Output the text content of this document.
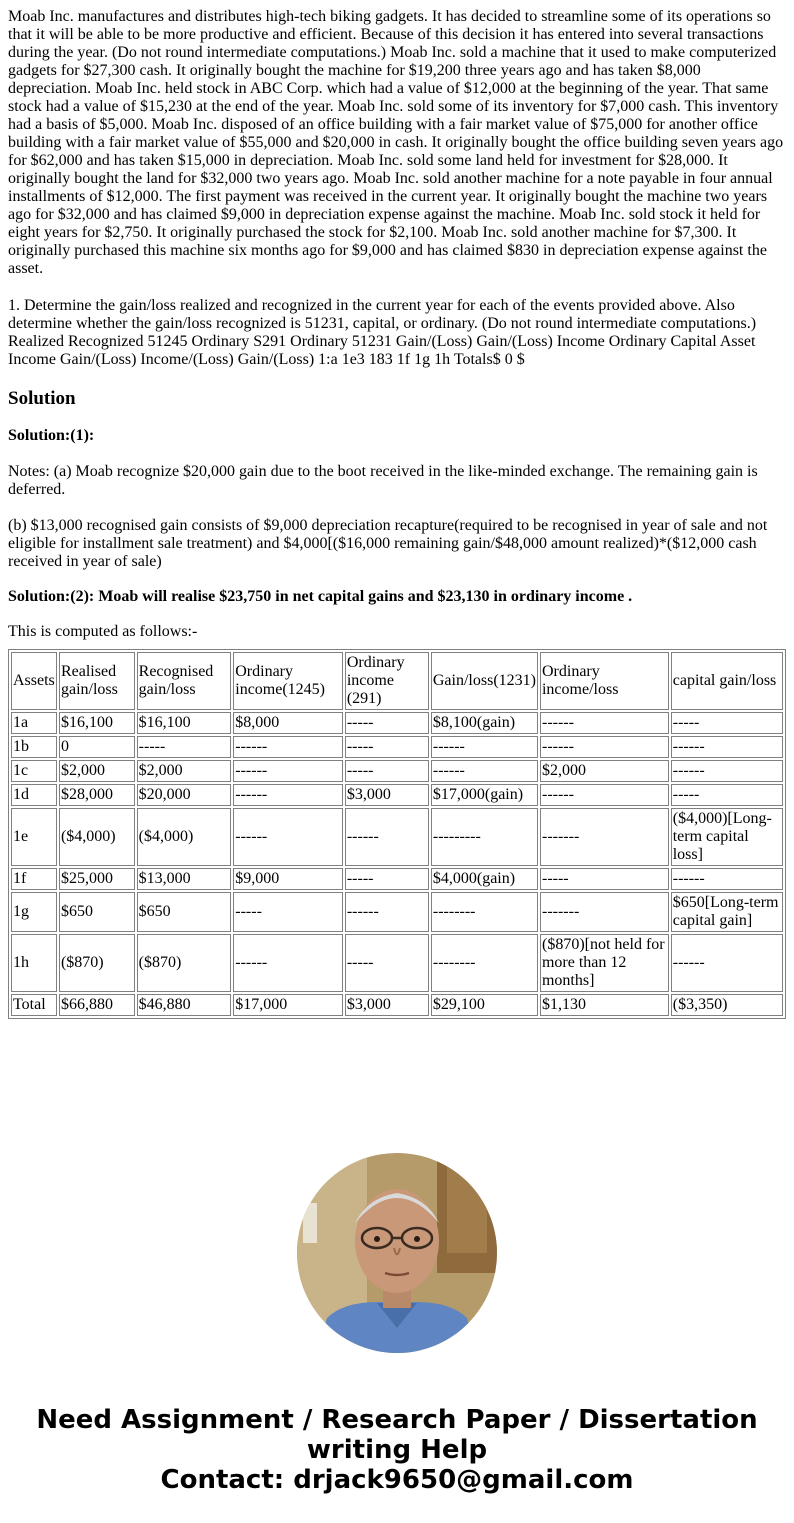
Moab Inc. manufactures and distributes high-tech biking gadgets. It has decided to streamline some of its operations so that it will be able to be more productive and efficient. Because of this decision it has entered into several transactions during the year. (Do not round intermediate computations.) Moab Inc. sold a machine that it used to make computerized gadgets for $27,300 cash. It originally bought the machine for $19,200 three years ago and has taken $8,000 depreciation. Moab Inc. held stock in ABC Corp. which had a value of $12,000 at the beginning of the year. That same stock had a value of $15,230 at the end of the year. Moab Inc. sold some of its inventory for $7,000 cash. This inventory had a basis of $5,000. Moab Inc. disposed of an office building with a fair market value of $75,000 for another office building with a fair market value of $55,000 and $20,000 in cash. It originally bought the office building seven years ago for $62,000 and has taken $15,000 in depreciation. Moab Inc. sold some land held for investment for $28,000. It originally bought the land for $32,000 two years ago. Moab Inc. sold another machine for a note payable in four annual installments of $12,000. The first payment was received in the current year. It originally bought the machine two years ago for $32,000 and has claimed $9,000 in depreciation expense against the machine. Moab Inc. sold stock it held for eight years for $2,750. It originally purchased the stock for $2,100. Moab Inc. sold another machine for $7,300. It originally purchased this machine six months ago for $9,000 and has claimed $830 in depreciation expense against the asset.

1. Determine the gain/loss realized and recognized in the current year for each of the events provided above. Also determine whether the gain/loss recognized is 51231, capital, or ordinary. (Do not round intermediate computations.) Realized Recognized 51245 Ordinary S291 Ordinary 51231 Gain/(Loss) Gain/(Loss) Income Ordinary Capital Asset Income Gain/(Loss) Income/(Loss) Gain/(Loss) 1:a 1e3 183 1f 1g 1h Totals$ 0 $

Solution

Solution:(1):

Notes: (a) Moab recognize $20,000 gain due to the boot received in the like-minded exchange. The remaining gain is deferred.

(b) $13,000 recognised gain consists of $9,000 depreciation recapture(required to be recognised in year of sale and not eligible for installment sale treatment) and $4,000[($16,000 remaining gain/$48,000 amount realized)*($12,000 cash received in year of sale)

Solution:(2): Moab will realise $23,750 in net capital gains and $23,130 in ordinary income .

This is computed as follows:-

Assets	Realised gain/loss	Recognised gain/loss	Ordinary income(1245)	Ordinary income (291)	Gain/loss(1231)	Ordinary income/loss	capital gain/loss
1a	$16,100	$16,100	$8,000	-----	$8,100(gain)	------	-----
1b	0	-----	------	-----	------	------	------
1c	$2,000	$2,000	------	-----	------	$2,000	------
1d	$28,000	$20,000	------	$3,000	$17,000(gain)	------	-----
1e	($4,000)	($4,000)	------	------	---------	-------	($4,000)[Long-term capital loss]
1f	$25,000	$13,000	$9,000	-----	$4,000(gain)	-----	------
1g	$650	$650	-----	------	--------	-------	$650[Long-term capital gain]
1h	($870)	($870)	------	-----	--------	($870)[not held for more than 12 months]	------
Total	$66,880	$46,880	$17,000	$3,000	$29,100	$1,130	($3,350)
Need Assignment / Research Paper / Dissertation writing Help
Contact: drjack9650@gmail.com
